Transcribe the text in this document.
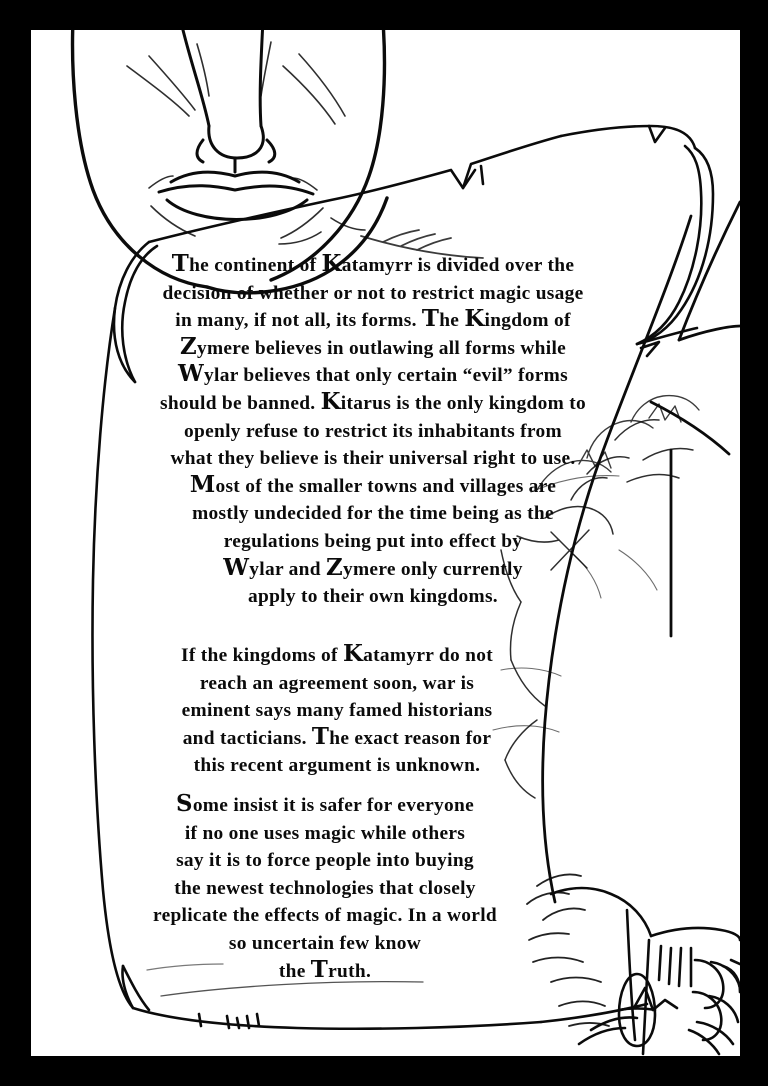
The continent of Katamyrr is divided over the
decision of whether or not to restrict magic usage
in many, if not all, its forms. The Kingdom of
Zymere believes in outlawing all forms while
Wylar believes that only certain “evil” forms
should be banned. Kitarus is the only kingdom to
openly refuse to restrict its inhabitants from
what they believe is their universal right to use.
Most of the smaller towns and villages are
mostly undecided for the time being as the
regulations being put into effect by
Wylar and Zymere only currently
apply to their own kingdoms.
If the kingdoms of Katamyrr do not
reach an agreement soon, war is
eminent says many famed historians
and tacticians. The exact reason for
this recent argument is unknown.
Some insist it is safer for everyone
if no one uses magic while others
say it is to force people into buying
the newest technologies that closely
replicate the effects of magic. In a world
so uncertain few know
the Truth.
